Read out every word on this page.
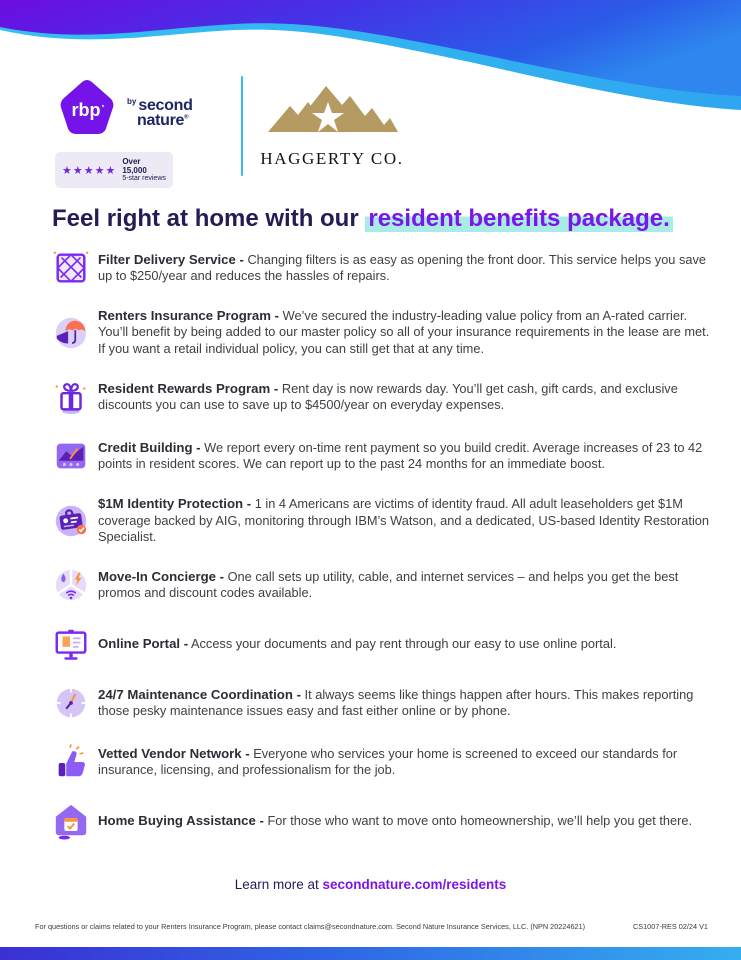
rbp	$^{by}$ second
nature®
★★★★★
Over 15,000
5-star reviews
HAGGERTY CO.
Feel right at home with our resident benefits package.
Filter Delivery Service - Changing filters is as easy as opening the front door. This service helps you save up to $250/year and reduces the hassles of repairs.
Renters Insurance Program - We’ve secured the industry-leading value policy from an A-rated carrier. You’ll benefit by being added to our master policy so all of your insurance requirements in the lease are met. If you want a retail individual policy, you can still get that at any time.
Resident Rewards Program - Rent day is now rewards day. You’ll get cash, gift cards, and exclusive discounts you can use to save up to $4500/year on everyday expenses.
Credit Building - We report every on-time rent payment so you build credit. Average increases of 23 to 42 points in resident scores. We can report up to the past 24 months for an immediate boost.
$1M Identity Protection - 1 in 4 Americans are victims of identity fraud. All adult leaseholders get $1M coverage backed by AIG, monitoring through IBM’s Watson, and a dedicated, US-based Identity Restoration Specialist.
Move-In Concierge - One call sets up utility, cable, and internet services – and helps you get the best promos and discount codes available.
Online Portal - Access your documents and pay rent through our easy to use online portal.
24/7 Maintenance Coordination - It always seems like things happen after hours. This makes reporting those pesky maintenance issues easy and fast either online or by phone.
Vetted Vendor Network - Everyone who services your home is screened to exceed our standards for insurance, licensing, and professionalism for the job.
Home Buying Assistance - For those who want to move onto homeownership, we’ll help you get there.
Learn more at secondnature.com/residents
For questions or claims related to your Renters Insurance Program, please contact claims@secondnature.com. Second Nature Insurance Services, LLC. (NPN 20224621)	CS1007-RES 02/24 V1
